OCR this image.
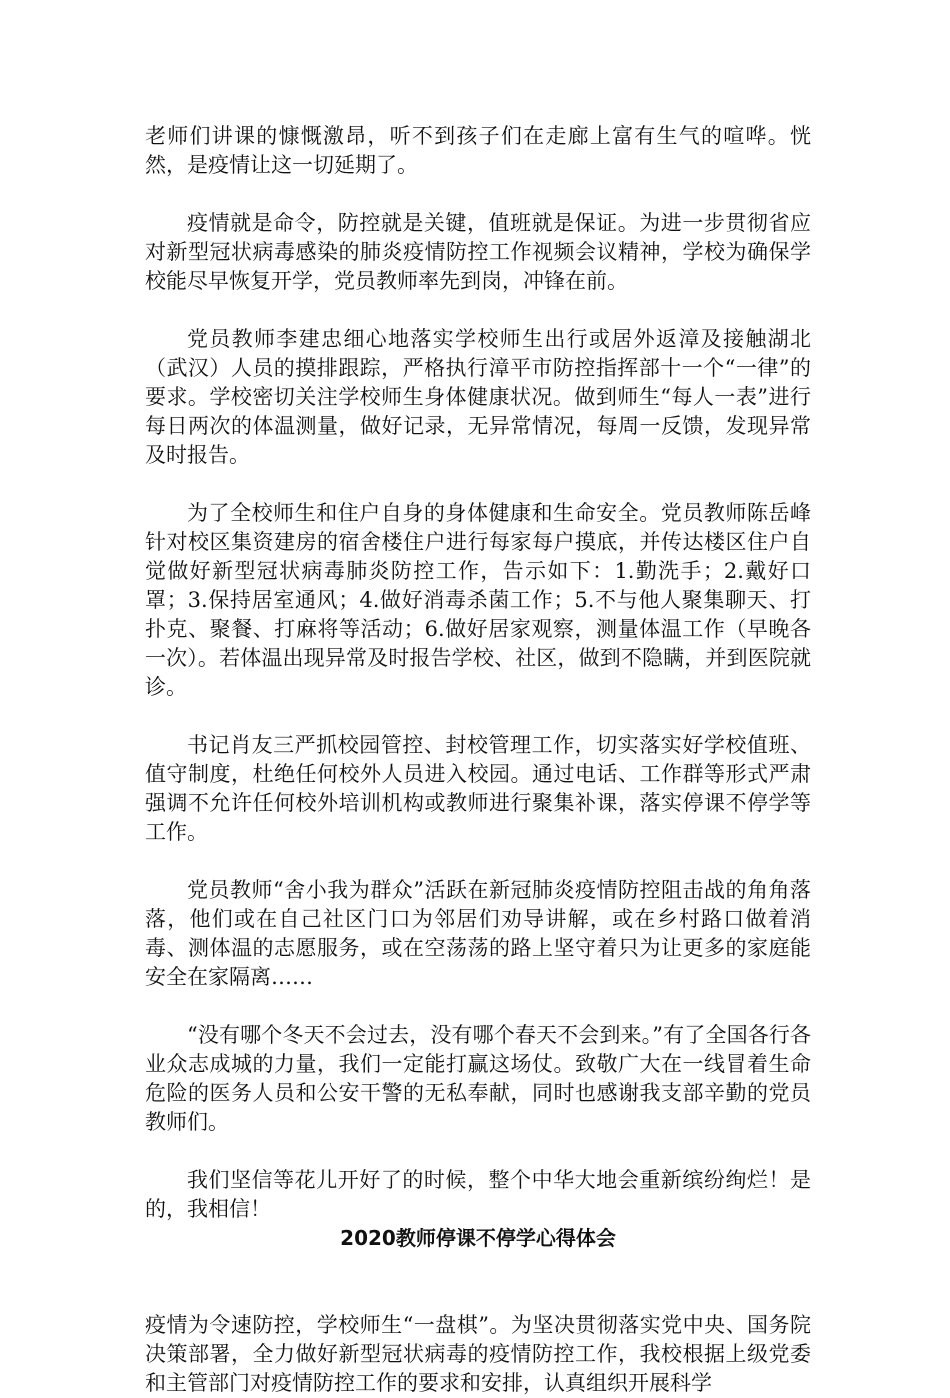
老师们讲课的慷慨激昂，听不到孩子们在走廊上富有生气的喧哗。恍然，是疫情让这一切延期了。

疫情就是命令，防控就是关键，值班就是保证。为进一步贯彻省应对新型冠状病毒感染的肺炎疫情防控工作视频会议精神，学校为确保学校能尽早恢复开学，党员教师率先到岗，冲锋在前。

党员教师李建忠细心地落实学校师生出行或居外返漳及接触湖北（武汉）人员的摸排跟踪，严格执行漳平市防控指挥部十一个“一律”的要求。学校密切关注学校师生身体健康状况。做到师生“每人一表”进行每日两次的体温测量，做好记录，无异常情况，每周一反馈，发现异常及时报告。

为了全校师生和住户自身的身体健康和生命安全。党员教师陈岳峰针对校区集资建房的宿舍楼住户进行每家每户摸底，并传达楼区住户自觉做好新型冠状病毒肺炎防控工作，告示如下：1.勤洗手；2.戴好口罩；3.保持居室通风；4.做好消毒杀菌工作；5.不与他人聚集聊天、打扑克、聚餐、打麻将等活动；6.做好居家观察，测量体温工作（早晚各一次）。若体温出现异常及时报告学校、社区，做到不隐瞒，并到医院就诊。

书记肖友三严抓校园管控、封校管理工作，切实落实好学校值班、值守制度，杜绝任何校外人员进入校园。通过电话、工作群等形式严肃强调不允许任何校外培训机构或教师进行聚集补课，落实停课不停学等工作。

党员教师“舍小我为群众”活跃在新冠肺炎疫情防控阻击战的角角落落，他们或在自己社区门口为邻居们劝导讲解，或在乡村路口做着消毒、测体温的志愿服务，或在空荡荡的路上坚守着只为让更多的家庭能安全在家隔离……

“没有哪个冬天不会过去，没有哪个春天不会到来。”有了全国各行各业众志成城的力量，我们一定能打赢这场仗。致敬广大在一线冒着生命危险的医务人员和公安干警的无私奉献，同时也感谢我支部辛勤的党员教师们。

我们坚信等花儿开好了的时候，整个中华大地会重新缤纷绚烂！是的，我相信！

2020教师停课不停学心得体会

疫情为令速防控，学校师生“一盘棋”。为坚决贯彻落实党中央、国务院决策部署，全力做好新型冠状病毒的疫情防控工作，我校根据上级党委和主管部门对疫情防控工作的要求和安排，认真组织开展科学
